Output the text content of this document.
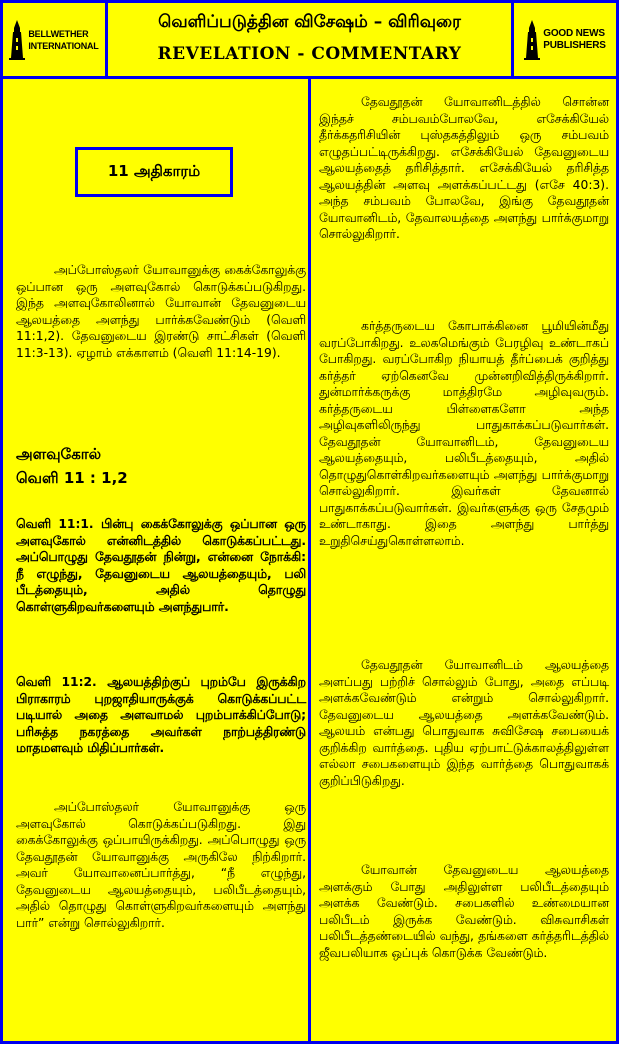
BELLWETHER
INTERNATIONAL
வெளிப்படுத்தின விசேஷம் – விரிவுரை
REVELATION - COMMENTARY
GOOD NEWS
PUBLISHERS
11 அதிகாரம்
அப்போஸ்தலர் யோவானுக்கு கைக்கோலுக்கு ஒப்பான ஒரு அளவுகோல் கொடுக்கப்படுகிறது. இந்த அளவுகோலினால் யோவான் தேவனுடைய ஆலயத்தை அளந்து பார்க்கவேண்டும் (வெளி 11:1,2). தேவனுடைய இரண்டு சாட்சிகள் (வெளி 11:3-13). ஏழாம் எக்காளம் (வெளி 11:14-19).
அளவுகோல்
வெளி 11 : 1,2
வெளி 11:1. பின்பு கைக்கோலுக்கு ஒப்பான ஒரு அளவுகோல் என்னிடத்தில் கொடுக்கப்பட்டது. அப்பொழுது தேவதூதன் நின்று, என்னை நோக்கி: நீ எழுந்து, தேவனுடைய ஆலயத்தையும், பலி பீடத்தையும், அதில் தொழுது கொள்ளுகிறவர்களையும் அளந்துபார்.
வெளி 11:2. ஆலயத்திற்குப் புறம்பே இருக்கிற பிராகாரம் புறஜாதியாருக்குக் கொடுக்கப்பட்ட படியால் அதை அளவாமல் புறம்பாக்கிப்போடு; பரிசுத்த நகரத்தை அவர்கள் நாற்பத்திரண்டு மாதமளவும் மிதிப்பார்கள்.
அப்போஸ்தலர் யோவானுக்கு ஒரு அளவுகோல் கொடுக்கப்படுகிறது. இது கைக்கோலுக்கு ஒப்பாயிருக்கிறது. அப்பொழுது ஒரு தேவதூதன் யோவானுக்கு அருகிலே நிற்கிறார். அவர் யோவானைப்பார்த்து, “நீ எழுந்து, தேவனுடைய ஆலயத்தையும், பலிபீடத்தையும், அதில் தொழுது கொள்ளுகிறவர்களையும் அளந்து பார்” என்று சொல்லுகிறார்.
தேவதூதன் யோவானிடத்தில் சொன்ன இந்தச் சம்பவம்போலவே, எசேக்கியேல் தீர்க்கதரிசியின் புஸ்தகத்திலும் ஒரு சம்பவம் எழுதப்பட்டிருக்கிறது. எசேக்கியேல் தேவனுடைய ஆலயத்தைத் தரிசித்தார். எசேக்கியேல் தரிசித்த ஆலயத்தின் அளவு அளக்கப்பட்டது (எசே 40:3). அந்த சம்பவம் போலவே, இங்கு தேவதூதன் யோவானிடம், தேவாலயத்தை அளந்து பார்க்குமாறு சொல்லுகிறார்.
கர்த்தருடைய கோபாக்கினை பூமியின்மீது வரப்போகிறது. உலகமெங்கும் பேரழிவு உண்டாகப் போகிறது. வரப்போகிற நியாயத் தீர்ப்பைக் குறித்து கர்த்தர் ஏற்கெனவே முன்னறிவித்திருக்கிறார். துன்மார்க்கருக்கு மாத்திரமே அழிவுவரும். கர்த்தருடைய பிள்ளைகளோ அந்த அழிவுகளிலிருந்து பாதுகாக்கப்படுவார்கள். தேவதூதன் யோவானிடம், தேவனுடைய ஆலயத்தையும், பலிபீடத்தையும், அதில் தொழுதுகொள்கிறவர்களையும் அளந்து பார்க்குமாறு சொல்லுகிறார். இவர்கள் தேவனால் பாதுகாக்கப்படுவார்கள். இவர்களுக்கு ஒரு சேதமும் உண்டாகாது. இதை அளந்து பார்த்து உறுதிசெய்துகொள்ளலாம்.
தேவதூதன் யோவானிடம் ஆலயத்தை அளப்பது பற்றிச் சொல்லும் போது, அதை எப்படி அளக்கவேண்டும் என்றும் சொல்லுகிறார். தேவனுடைய ஆலயத்தை அளக்கவேண்டும். ஆலயம் என்பது பொதுவாக சுவிசேஷ சபையைக் குறிக்கிற வார்த்தை. புதிய ஏற்பாட்டுக்காலத்திலுள்ள எல்லா சபைகளையும் இந்த வார்த்தை பொதுவாகக் குறிப்பிடுகிறது.
யோவான் தேவனுடைய ஆலயத்தை அளக்கும் போது அதிலுள்ள பலிபீடத்தையும் அளக்க வேண்டும். சபைகளில் உண்மையான பலிபீடம் இருக்க வேண்டும். விசுவாசிகள் பலிபீடத்தண்டையில் வந்து, தங்களை கர்த்தரிடத்தில் ஜீவபலியாக ஒப்புக் கொடுக்க வேண்டும்.
